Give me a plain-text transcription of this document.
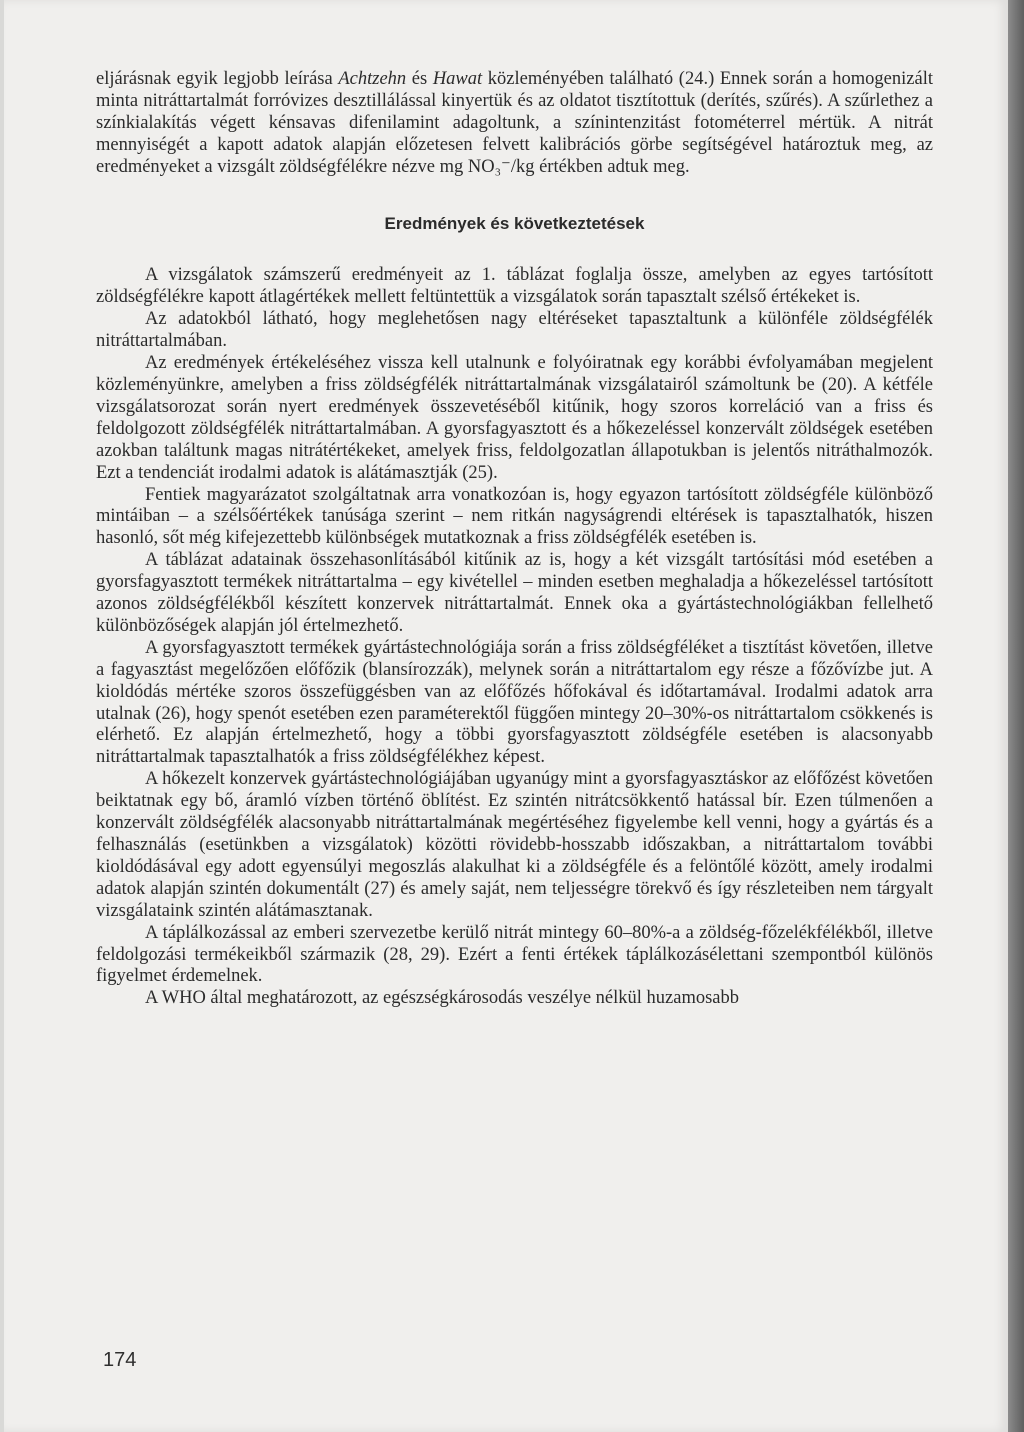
eljárásnak egyik legjobb leírása Achtzehn és Hawat közleményében található (24.) Ennek során a homogenizált minta nitráttartalmát forróvizes desztillálással kinyertük és az oldatot tisztítottuk (derítés, szűrés). A szűrlethez a színkialakítás végett kénsavas difenilamint adagoltunk, a színintenzitást fotométerrel mértük. A nitrát mennyiségét a kapott adatok alapján előzetesen felvett kalibrációs görbe segítségével határoztuk meg, az eredményeket a vizsgált zöldségfélékre nézve mg NO₃⁻/kg értékben adtuk meg.

Eredmények és következtetések

A vizsgálatok számszerű eredményeit az 1. táblázat foglalja össze, amelyben az egyes tartósított zöldségfélékre kapott átlagértékek mellett feltüntettük a vizsgálatok során tapasztalt szélső értékeket is.

Az adatokból látható, hogy meglehetősen nagy eltéréseket tapasztaltunk a különféle zöldségfélék nitráttartalmában.

Az eredmények értékeléséhez vissza kell utalnunk e folyóiratnak egy korábbi évfolyamában megjelent közleményünkre, amelyben a friss zöldségfélék nitráttartalmának vizsgálatairól számoltunk be (20). A kétféle vizsgálatsorozat során nyert eredmények összevetéséből kitűnik, hogy szoros korreláció van a friss és feldolgozott zöldségfélék nitráttartalmában. A gyorsfagyasztott és a hőkezeléssel konzervált zöldségek esetében azokban találtunk magas nitrátértékeket, amelyek friss, feldolgozatlan állapotukban is jelentős nitráthalmozók. Ezt a tendenciát irodalmi adatok is alátámasztják (25).

Fentiek magyarázatot szolgáltatnak arra vonatkozóan is, hogy egyazon tartósított zöldségféle különböző mintáiban – a szélsőértékek tanúsága szerint – nem ritkán nagyságrendi eltérések is tapasztalhatók, hiszen hasonló, sőt még kifejezettebb különbségek mutatkoznak a friss zöldségfélék esetében is.

A táblázat adatainak összehasonlításából kitűnik az is, hogy a két vizsgált tartósítási mód esetében a gyorsfagyasztott termékek nitráttartalma – egy kivétellel – minden esetben meghaladja a hőkezeléssel tartósított azonos zöldségfélékből készített konzervek nitráttartalmát. Ennek oka a gyártástechnológiákban fellelhető különbözőségek alapján jól értelmezhető.

A gyorsfagyasztott termékek gyártástechnológiája során a friss zöldségféléket a tisztítást követően, illetve a fagyasztást megelőzően előfőzik (blansírozzák), melynek során a nitráttartalom egy része a főzővízbe jut. A kioldódás mértéke szoros összefüggésben van az előfőzés hőfokával és időtartamával. Irodalmi adatok arra utalnak (26), hogy spenót esetében ezen paraméterektől függően mintegy 20–30%-os nitráttartalom csökkenés is elérhető. Ez alapján értelmezhető, hogy a többi gyorsfagyasztott zöldségféle esetében is alacsonyabb nitráttartalmak tapasztalhatók a friss zöldségfélékhez képest.

A hőkezelt konzervek gyártástechnológiájában ugyanúgy mint a gyorsfagyasztáskor az előfőzést követően beiktatnak egy bő, áramló vízben történő öblítést. Ez szintén nitrátcsökkentő hatással bír. Ezen túlmenően a konzervált zöldségfélék alacsonyabb nitráttartalmának megértéséhez figyelembe kell venni, hogy a gyártás és a felhasználás (esetünkben a vizsgálatok) közötti rövidebb-hosszabb időszakban, a nitráttartalom további kioldódásával egy adott egyensúlyi megoszlás alakulhat ki a zöldségféle és a felöntőlé között, amely irodalmi adatok alapján szintén dokumentált (27) és amely saját, nem teljességre törekvő és így részleteiben nem tárgyalt vizsgálataink szintén alátámasztanak.

A táplálkozással az emberi szervezetbe kerülő nitrát mintegy 60–80%-a a zöldség-főzelékfélékből, illetve feldolgozási termékeikből származik (28, 29). Ezért a fenti értékek táplálkozásélettani szempontból különös figyelmet érdemelnek.

A WHO által meghatározott, az egészségkárosodás veszélye nélkül huzamosabb

174
